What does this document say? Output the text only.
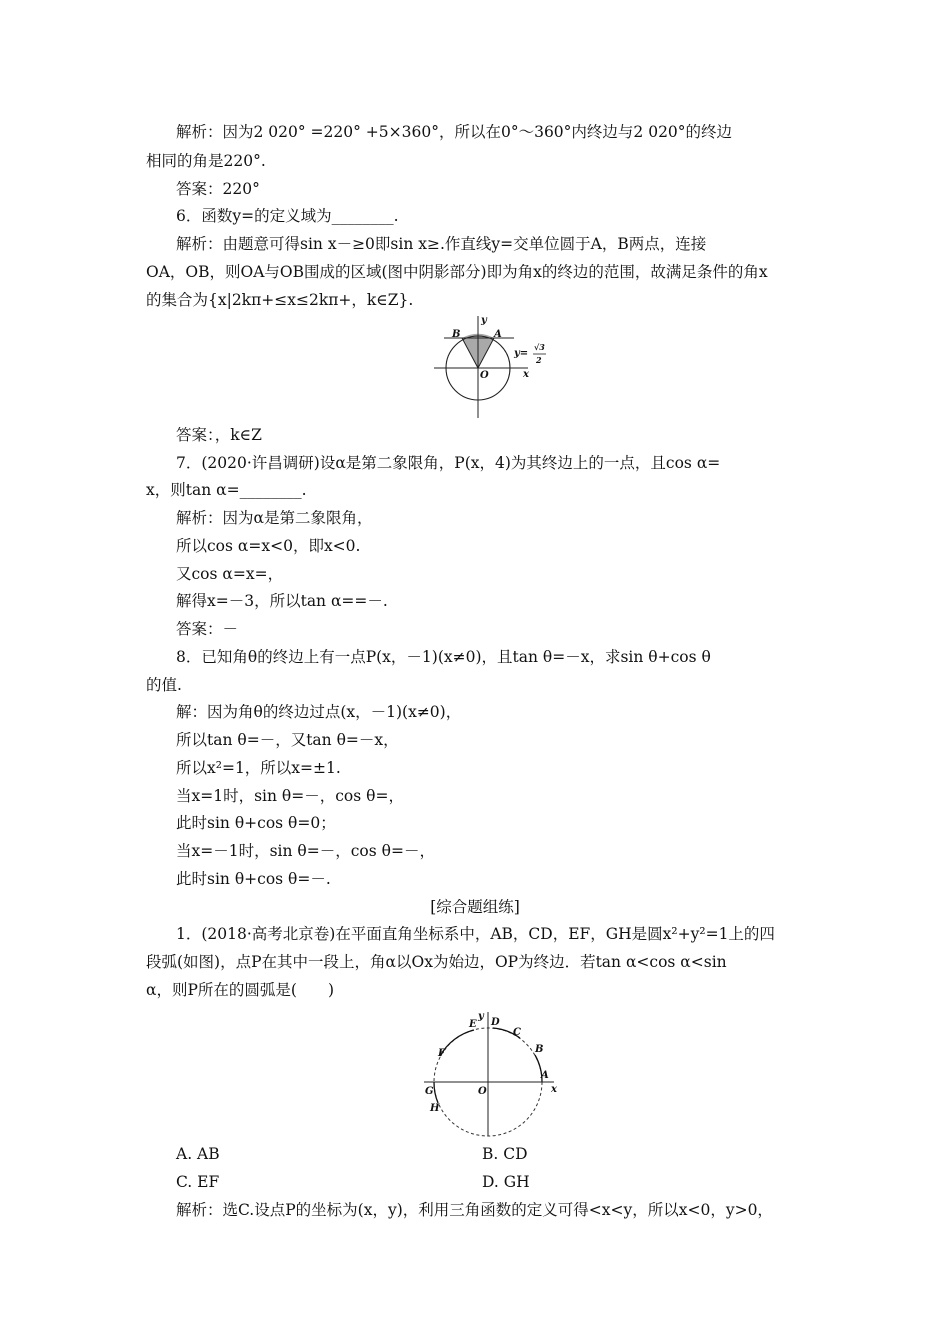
解析：因为2 020° =220° +5×360°，所以在0°～360°内终边与2 020°的终边
相同的角是220°.
答案：220°
6．函数y=的定义域为________.
解析：由题意可得sin x－≥0即sin x≥.作直线y=交单位圆于A，B两点，连接
OA，OB，则OA与OB围成的区域(图中阴影部分)即为角x的终边的范围，故满足条件的角x
的集合为{x|2kπ+≤x≤2kπ+，k∈Z}.
y
x
O
A
B
y=
√3
2
答案：，k∈Z
7．(2020·许昌调研)设α是第二象限角，P(x，4)为其终边上的一点，且cos α=
x，则tan α=________.
解析：因为α是第二象限角，
所以cos α=x<0，即x<0.
又cos α=x=，
解得x=－3，所以tan α==－.
答案：－
8．已知角θ的终边上有一点P(x，－1)(x≠0)，且tan θ=－x，求sin θ+cos θ
的值.
解：因为角θ的终边过点(x，－1)(x≠0)，
所以tan θ=－，又tan θ=－x，
所以x²=1，所以x=±1.
当x=1时，sin θ=－，cos θ=，
此时sin θ+cos θ=0；
当x=－1时，sin θ=－，cos θ=－，
此时sin θ+cos θ=－.
[综合题组练]
1．(2018·高考北京卷)在平面直角坐标系中，AB，CD，EF，GH是圆x²+y²=1上的四
段弧(如图)，点P在其中一段上，角α以Ox为始边，OP为终边．若tan α<cos α<sin
α，则P所在的圆弧是(　　)
y
x
O
A
B
C
D
E
F
G
H
A. AB	B. CD
C. EF	D. GH
解析：选C.设点P的坐标为(x，y)，利用三角函数的定义可得<x<y，所以x<0，y>0，
